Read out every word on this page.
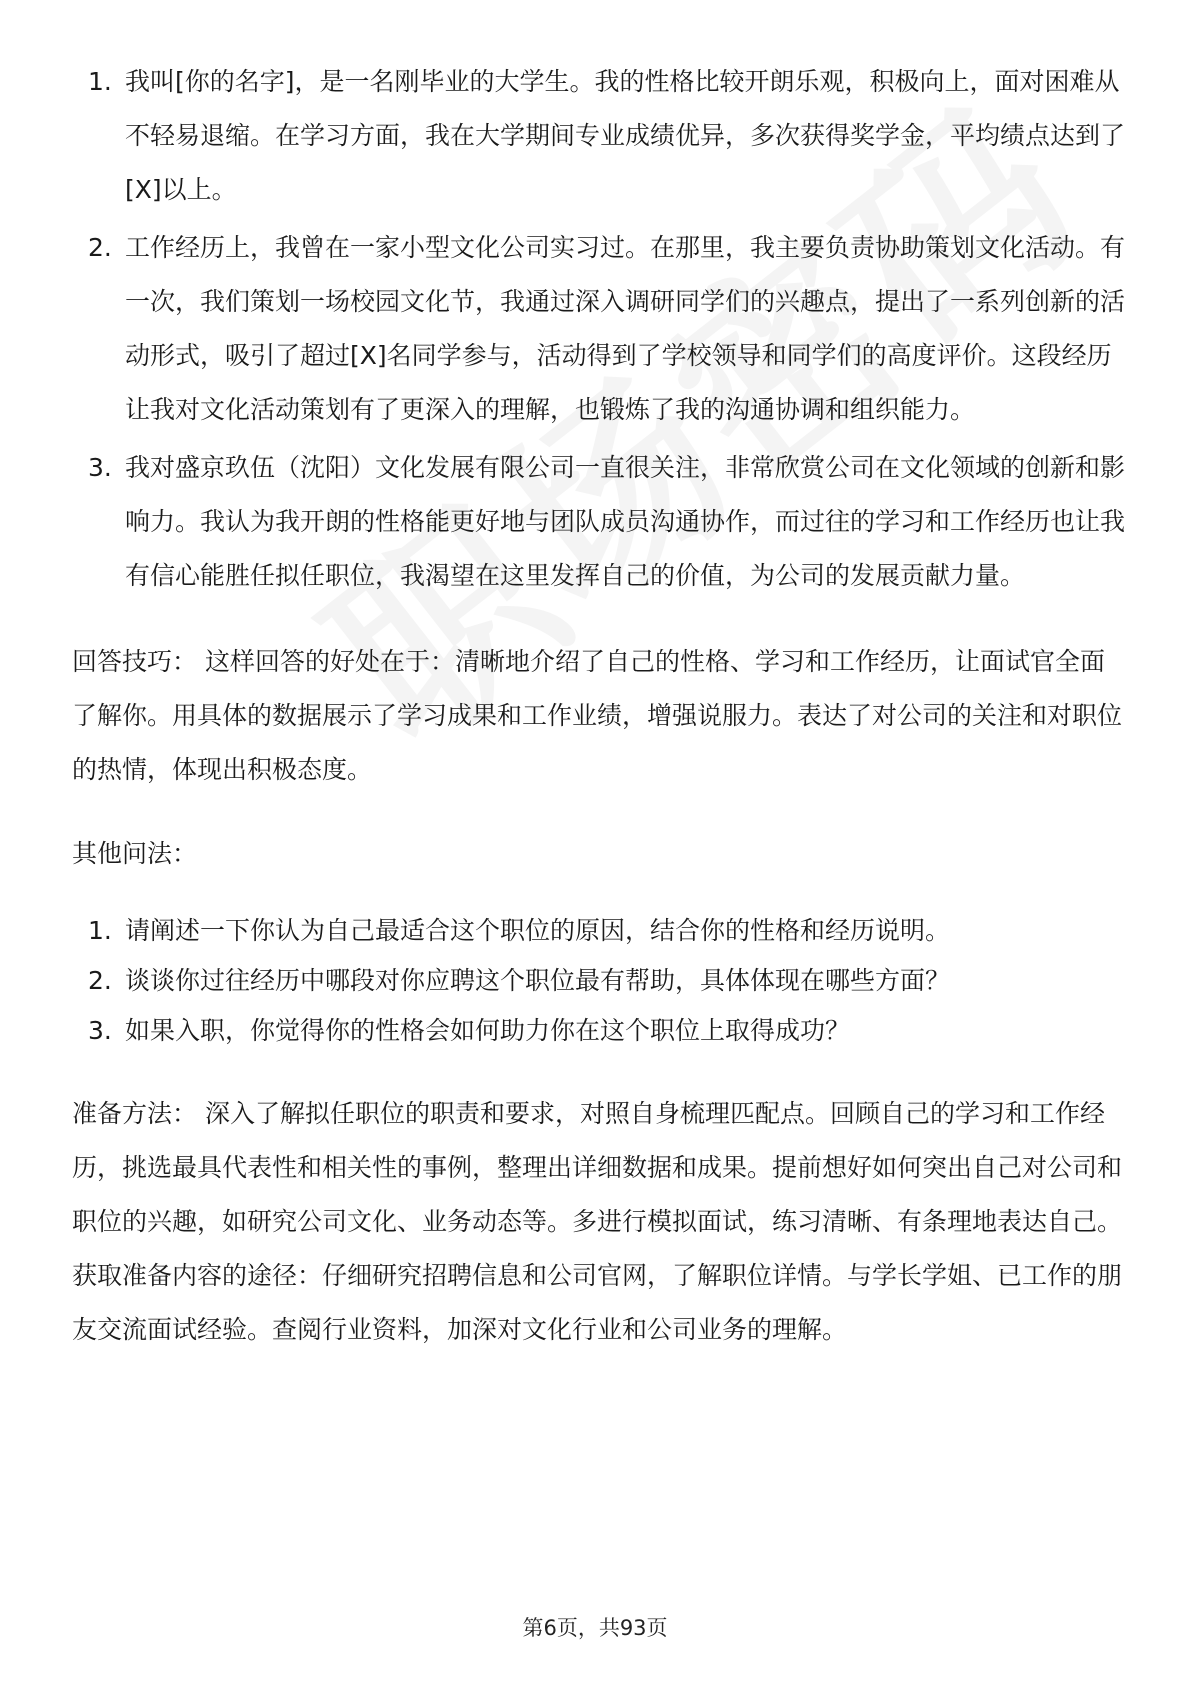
1. 我叫[你的名字]，是一名刚毕业的大学生。我的性格比较开朗乐观，积极向上，面对困难从不轻易退缩。在学习方面，我在大学期间专业成绩优异，多次获得奖学金，平均绩点达到了[X]以上。
2. 工作经历上，我曾在一家小型文化公司实习过。在那里，我主要负责协助策划文化活动。有一次，我们策划一场校园文化节，我通过深入调研同学们的兴趣点，提出了一系列创新的活动形式，吸引了超过[X]名同学参与，活动得到了学校领导和同学们的高度评价。这段经历让我对文化活动策划有了更深入的理解，也锻炼了我的沟通协调和组织能力。
3. 我对盛京玖伍（沈阳）文化发展有限公司一直很关注，非常欣赏公司在文化领域的创新和影响力。我认为我开朗的性格能更好地与团队成员沟通协作，而过往的学习和工作经历也让我有信心能胜任拟任职位，我渴望在这里发挥自己的价值，为公司的发展贡献力量。

回答技巧： 这样回答的好处在于：清晰地介绍了自己的性格、学习和工作经历，让面试官全面了解你。用具体的数据展示了学习成果和工作业绩，增强说服力。表达了对公司的关注和对职位的热情，体现出积极态度。

其他问法：

1. 请阐述一下你认为自己最适合这个职位的原因，结合你的性格和经历说明。
2. 谈谈你过往经历中哪段对你应聘这个职位最有帮助，具体体现在哪些方面？
3. 如果入职，你觉得你的性格会如何助力你在这个职位上取得成功？

准备方法： 深入了解拟任职位的职责和要求，对照自身梳理匹配点。回顾自己的学习和工作经历，挑选最具代表性和相关性的事例，整理出详细数据和成果。提前想好如何突出自己对公司和职位的兴趣，如研究公司文化、业务动态等。多进行模拟面试，练习清晰、有条理地表达自己。获取准备内容的途径：仔细研究招聘信息和公司官网，了解职位详情。与学长学姐、已工作的朋友交流面试经验。查阅行业资料，加深对文化行业和公司业务的理解。

第6页，共93页
